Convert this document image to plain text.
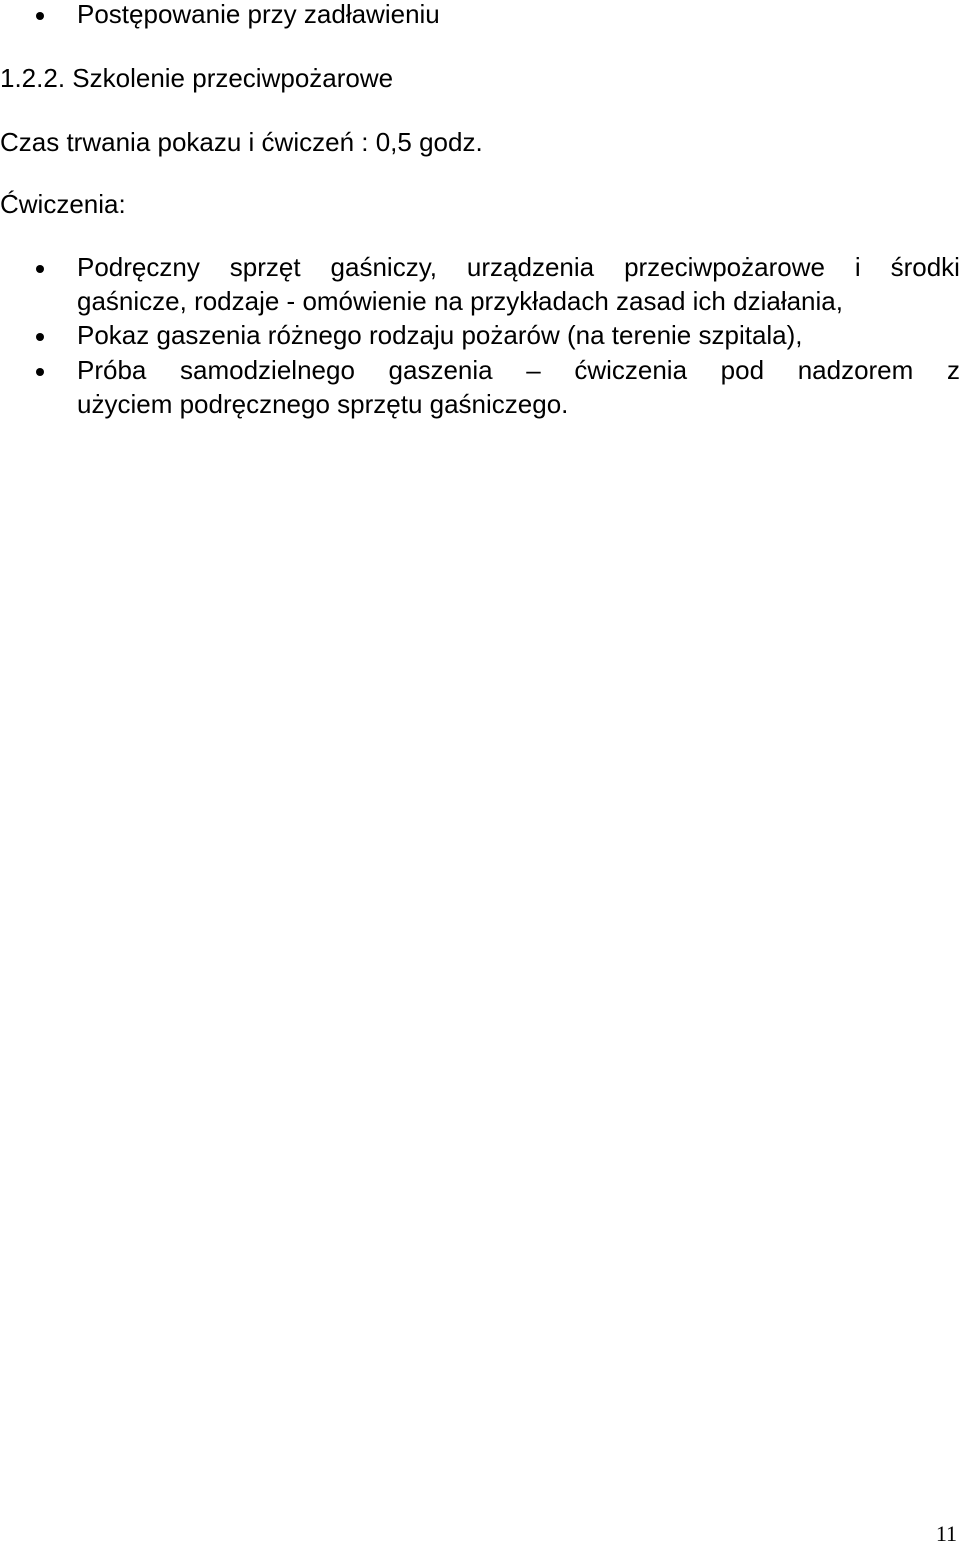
Postępowanie przy zadławieniu
1.2.2. Szkolenie przeciwpożarowe
Czas trwania pokazu i ćwiczeń : 0,5 godz.
Ćwiczenia:
Podręczny sprzęt gaśniczy, urządzenia przeciwpożarowe i środki
gaśnicze, rodzaje - omówienie na przykładach zasad ich działania,
Pokaz gaszenia różnego rodzaju pożarów (na terenie szpitala),
Próba samodzielnego gaszenia – ćwiczenia pod nadzorem z
użyciem podręcznego sprzętu gaśniczego.
11
